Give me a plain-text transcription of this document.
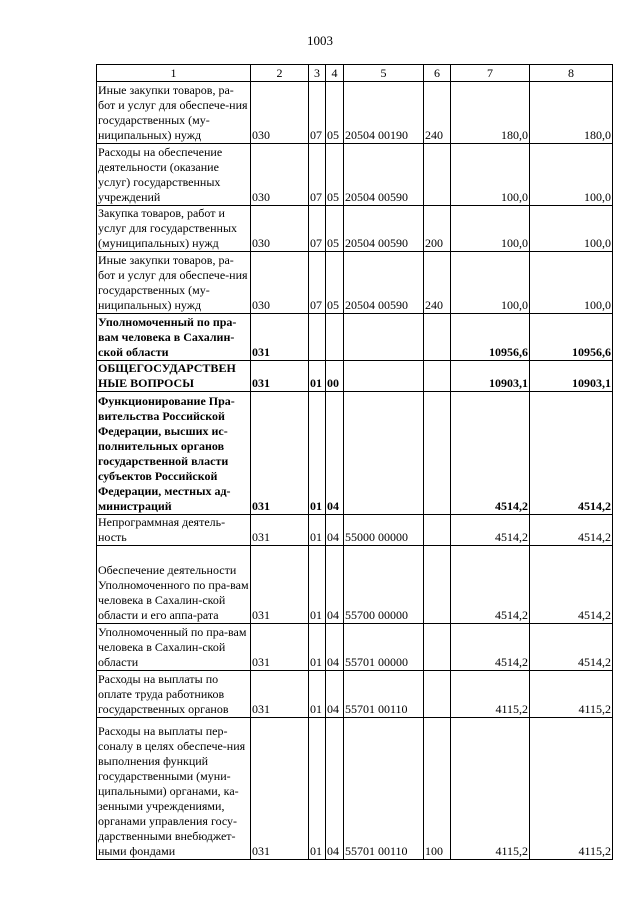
1003
1	2	3	4	5	6	7	8
Иные закупки товаров, ра-бот и услуг для обеспече-ния государственных (му-ниципальных) нужд	030	07	05	20504 00190	240	180,0	180,0
Расходы на обеспечение деятельности (оказание услуг) государственных учреждений	030	07	05	20504 00590		100,0	100,0
Закупка товаров, работ и услуг для государственных (муниципальных) нужд	030	07	05	20504 00590	200	100,0	100,0
Иные закупки товаров, ра-бот и услуг для обеспече-ния государственных (му-ниципальных) нужд	030	07	05	20504 00590	240	100,0	100,0
Уполномоченный по пра-вам человека в Сахалин-ской области	031					10956,6	10956,6
ОБЩЕГОСУДАРСТВЕН НЫЕ ВОПРОСЫ	031	01	00			10903,1	10903,1
Функционирование Пра-вительства Российской Федерации, высших ис-полнительных органов государственной власти субъектов Российской Федерации, местных ад-министраций	031	01	04			4514,2	4514,2
Непрограммная деятель-ность	031	01	04	55000 00000		4514,2	4514,2
Обеспечение деятельности Уполномоченного по пра-вам человека в Сахалин-ской области и его аппа-рата	031	01	04	55700 00000		4514,2	4514,2
Уполномоченный по пра-вам человека в Сахалин-ской области	031	01	04	55701 00000		4514,2	4514,2
Расходы на выплаты по оплате труда работников государственных органов	031	01	04	55701 00110		4115,2	4115,2
Расходы на выплаты пер-соналу в целях обеспече-ния выполнения функций государственными (муни-ципальными) органами, ка-зенными учреждениями, органами управления госу-дарственными внебюджет-ными фондами	031	01	04	55701 00110	100	4115,2	4115,2
